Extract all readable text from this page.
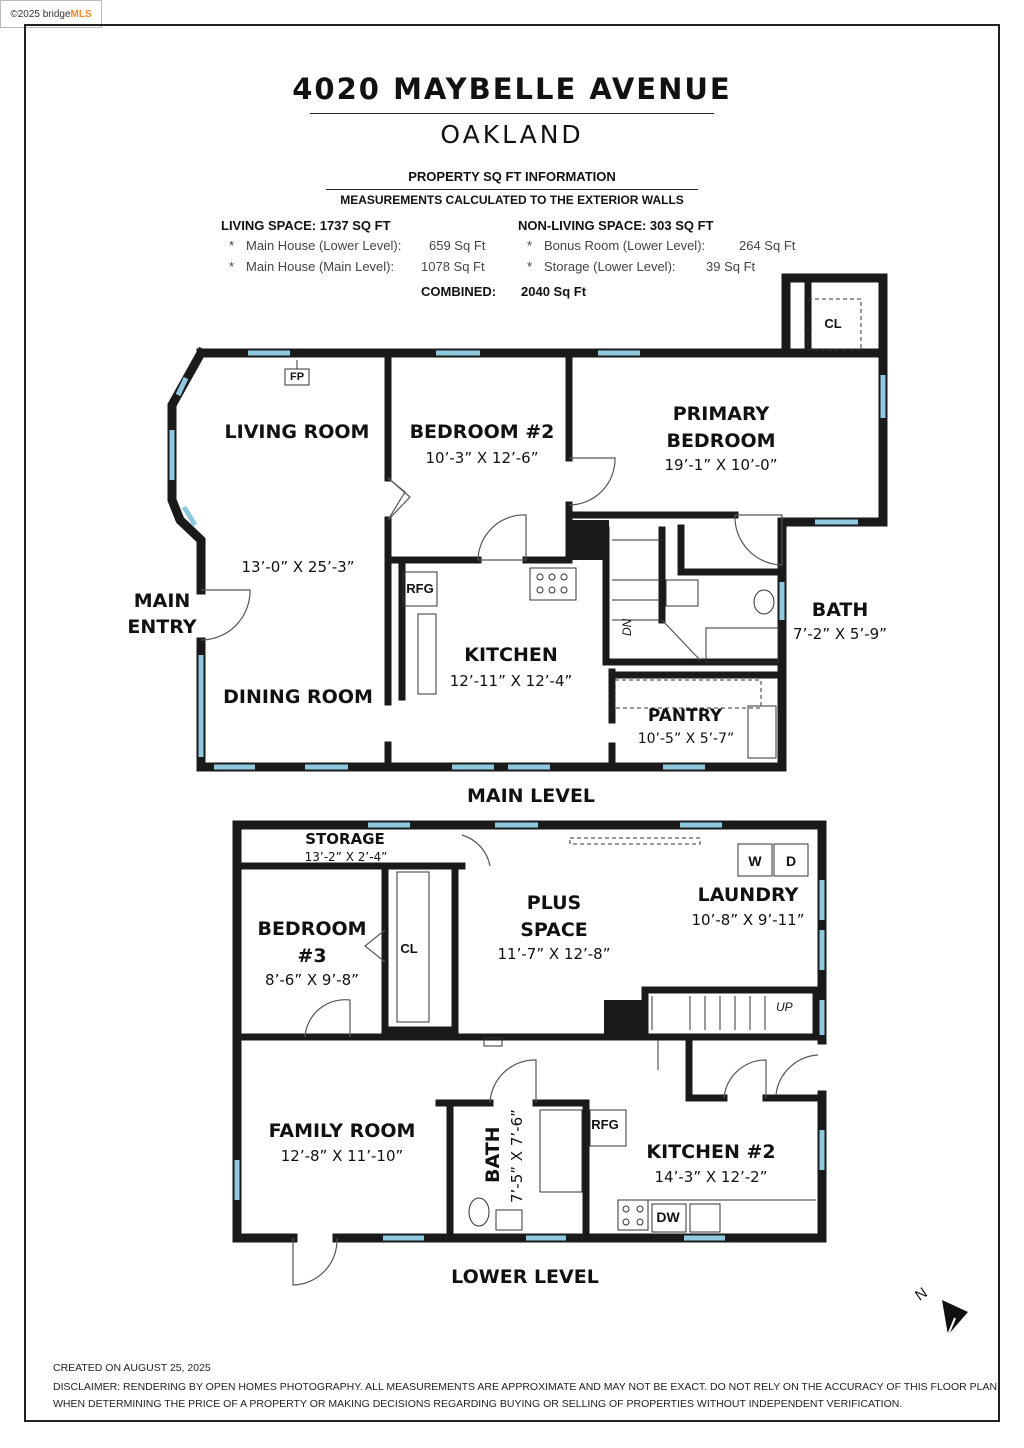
©2025 bridge MLS
4020 MAYBELLE AVENUE
OAKLAND
PROPERTY SQ FT INFORMATION
MEASUREMENTS CALCULATED TO THE EXTERIOR WALLS
LIVING SPACE: 1737 SQ FT
* Main House (Lower Level): 659 Sq Ft
* Main House (Main Level): 1078 Sq Ft
NON-LIVING SPACE: 303 SQ FT
* Bonus Room (Lower Level):	264 Sq Ft
* Storage (Lower Level): 39 Sq Ft
COMBINED: 2040 Sq Ft
LIVING ROOM
13’-0” X 25’-3”
DINING ROOM
MAIN
ENTRY
BEDROOM #2
10’-3” X 12’-6”
PRIMARY
BEDROOM
19’-1” X 10’-0”
KITCHEN
12’-11” X 12’-4”
BATH
7’-2” X 5’-9”
PANTRY
10’-5” X 5’-7”
FP
CL
RFG
DN
MAIN LEVEL
STORAGE
13’-2” X 2’-4”
BEDROOM
#3
8’-6” X 9’-8”
CL
PLUS
SPACE
11’-7” X 12’-8”
LAUNDRY
10’-8” X 9’-11”
W D
UP
FAMILY ROOM
12’-8” X 11’-10”	BATH 7’-5” X 7’-6”	RFG
KITCHEN #2
14’-3” X 12’-2”
DW
LOWER LEVEL
N
CREATED ON AUGUST 25, 2025
DISCLAIMER: RENDERING BY OPEN HOMES PHOTOGRAPHY. ALL MEASUREMENTS ARE APPROXIMATE AND MAY NOT BE EXACT. DO NOT RELY ON THE ACCURACY OF THIS FLOOR PLAN
WHEN DETERMINING THE PRICE OF A PROPERTY OR MAKING DECISIONS REGARDING BUYING OR SELLING OF PROPERTIES WITHOUT INDEPENDENT VERIFICATION.
